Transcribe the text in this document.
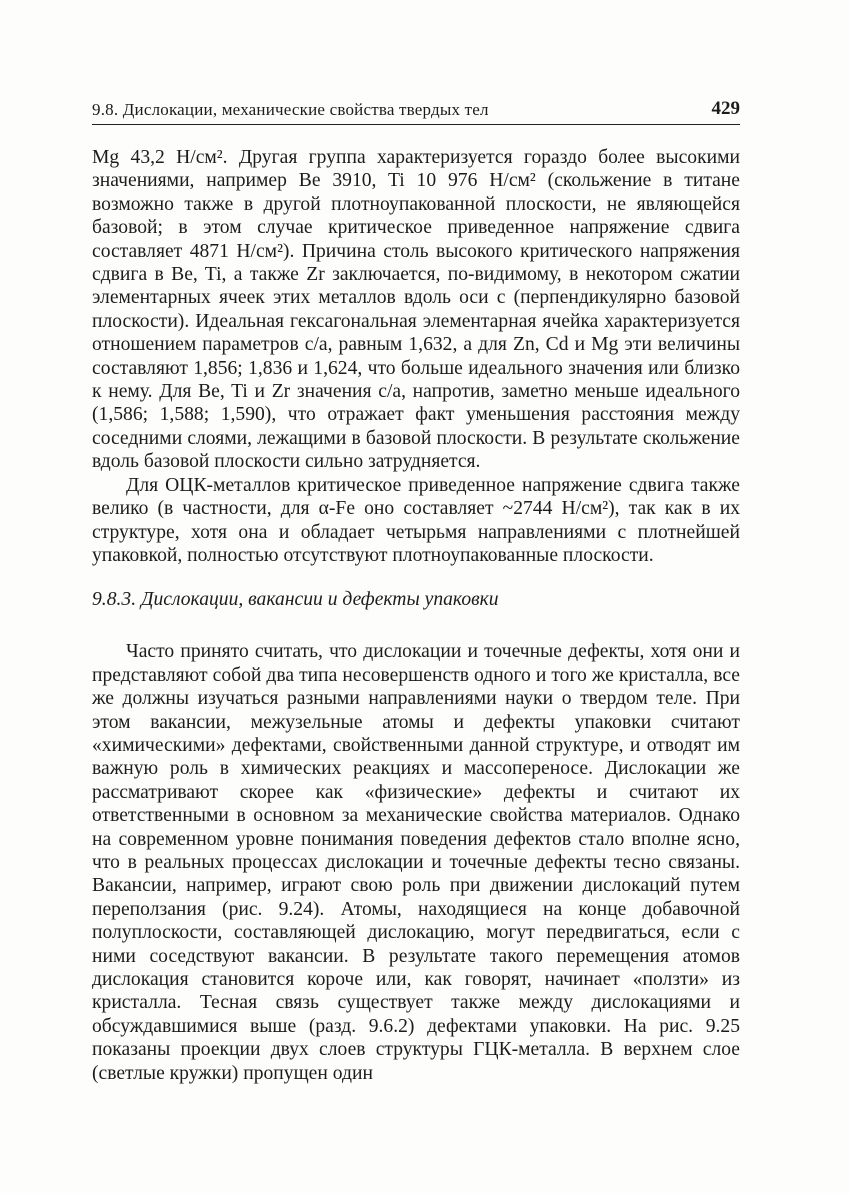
9.8. Дислокации, механические свойства твердых тел	429

Mg 43,2 Н/см². Другая группа характеризуется гораздо более высокими значениями, например Be 3910, Ti 10 976 Н/см² (скольжение в титане возможно также в другой плотноупакованной плоскости, не являющейся базовой; в этом случае критическое приведенное напряжение сдвига составляет 4871 Н/см²). Причина столь высокого критического напряжения сдвига в Be, Ti, а также Zr заключается, по-видимому, в некотором сжатии элементарных ячеек этих металлов вдоль оси c (перпендикулярно базовой плоскости). Идеальная гексагональная элементарная ячейка характеризуется отношением параметров c/a, равным 1,632, а для Zn, Cd и Mg эти величины составляют 1,856; 1,836 и 1,624, что больше идеального значения или близко к нему. Для Be, Ti и Zr значения c/a, напротив, заметно меньше идеального (1,586; 1,588; 1,590), что отражает факт уменьшения расстояния между соседними слоями, лежащими в базовой плоскости. В результате скольжение вдоль базовой плоскости сильно затрудняется.

Для ОЦК-металлов критическое приведенное напряжение сдвига также велико (в частности, для α-Fe оно составляет ~2744 Н/см²), так как в их структуре, хотя она и обладает четырьмя направлениями с плотнейшей упаковкой, полностью отсутствуют плотноупакованные плоскости.

9.8.3. Дислокации, вакансии и дефекты упаковки

Часто принято считать, что дислокации и точечные дефекты, хотя они и представляют собой два типа несовершенств одного и того же кристалла, все же должны изучаться разными направлениями науки о твердом теле. При этом вакансии, межузельные атомы и дефекты упаковки считают «химическими» дефектами, свойственными данной структуре, и отводят им важную роль в химических реакциях и массопереносе. Дислокации же рассматривают скорее как «физические» дефекты и считают их ответственными в основном за механические свойства материалов. Однако на современном уровне понимания поведения дефектов стало вполне ясно, что в реальных процессах дислокации и точечные дефекты тесно связаны. Вакансии, например, играют свою роль при движении дислокаций путем переползания (рис. 9.24). Атомы, находящиеся на конце добавочной полуплоскости, составляющей дислокацию, могут передвигаться, если с ними соседствуют вакансии. В результате такого перемещения атомов дислокация становится короче или, как говорят, начинает «ползти» из кристалла. Тесная связь существует также между дислокациями и обсуждавшимися выше (разд. 9.6.2) дефектами упаковки. На рис. 9.25 показаны проекции двух слоев структуры ГЦК-металла. В верхнем слое (светлые кружки) пропущен один
